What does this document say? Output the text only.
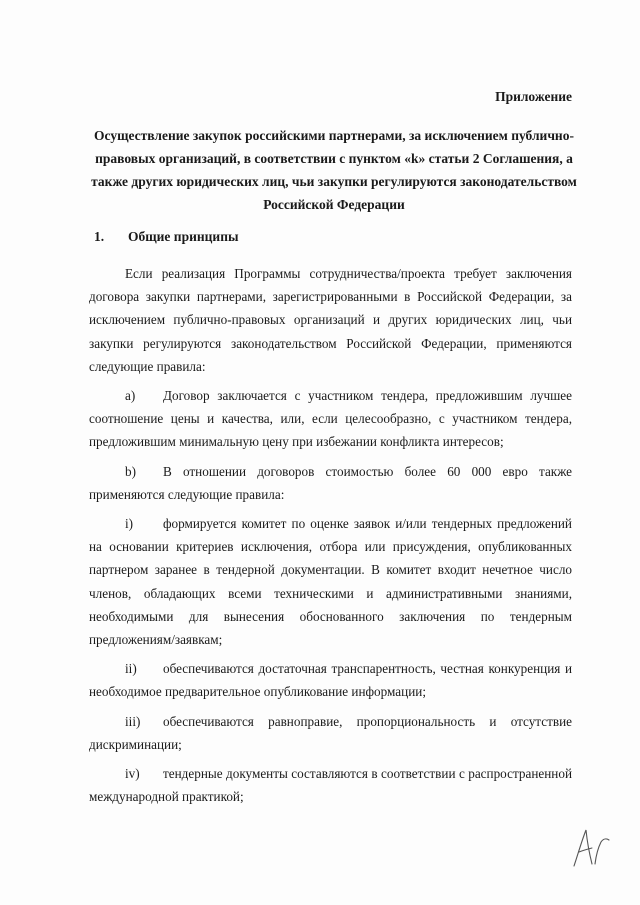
Приложение
Осуществление закупок российскими партнерами, за исключением публично-правовых организаций, в соответствии с пунктом «k» статьи 2 Соглашения, а также других юридических лиц, чьи закупки регулируются законодательством Российской Федерации
1. Общие принципы

Если реализация Программы сотрудничества/проекта требует заключения договора закупки партнерами, зарегистрированными в Российской Федерации, за исключением публично-правовых организаций и других юридических лиц, чьи закупки регулируются законодательством Российской Федерации, применяются следующие правила:

а) Договор заключается с участником тендера, предложившим лучшее соотношение цены и качества, или, если целесообразно, с участником тендера, предложившим минимальную цену при избежании конфликта интересов;

b) В отношении договоров стоимостью более 60 000 евро также применяются следующие правила:

i) формируется комитет по оценке заявок и/или тендерных предложений на основании критериев исключения, отбора или присуждения, опубликованных партнером заранее в тендерной документации. В комитет входит нечетное число членов, обладающих всеми техническими и административными знаниями, необходимыми для вынесения обоснованного заключения по тендерным предложениям/заявкам;

ii) обеспечиваются достаточная транспарентность, честная конкуренция и необходимое предварительное опубликование информации;

iii) обеспечиваются равноправие, пропорциональность и отсутствие дискриминации;

iv) тендерные документы составляются в соответствии с распространенной международной практикой;
